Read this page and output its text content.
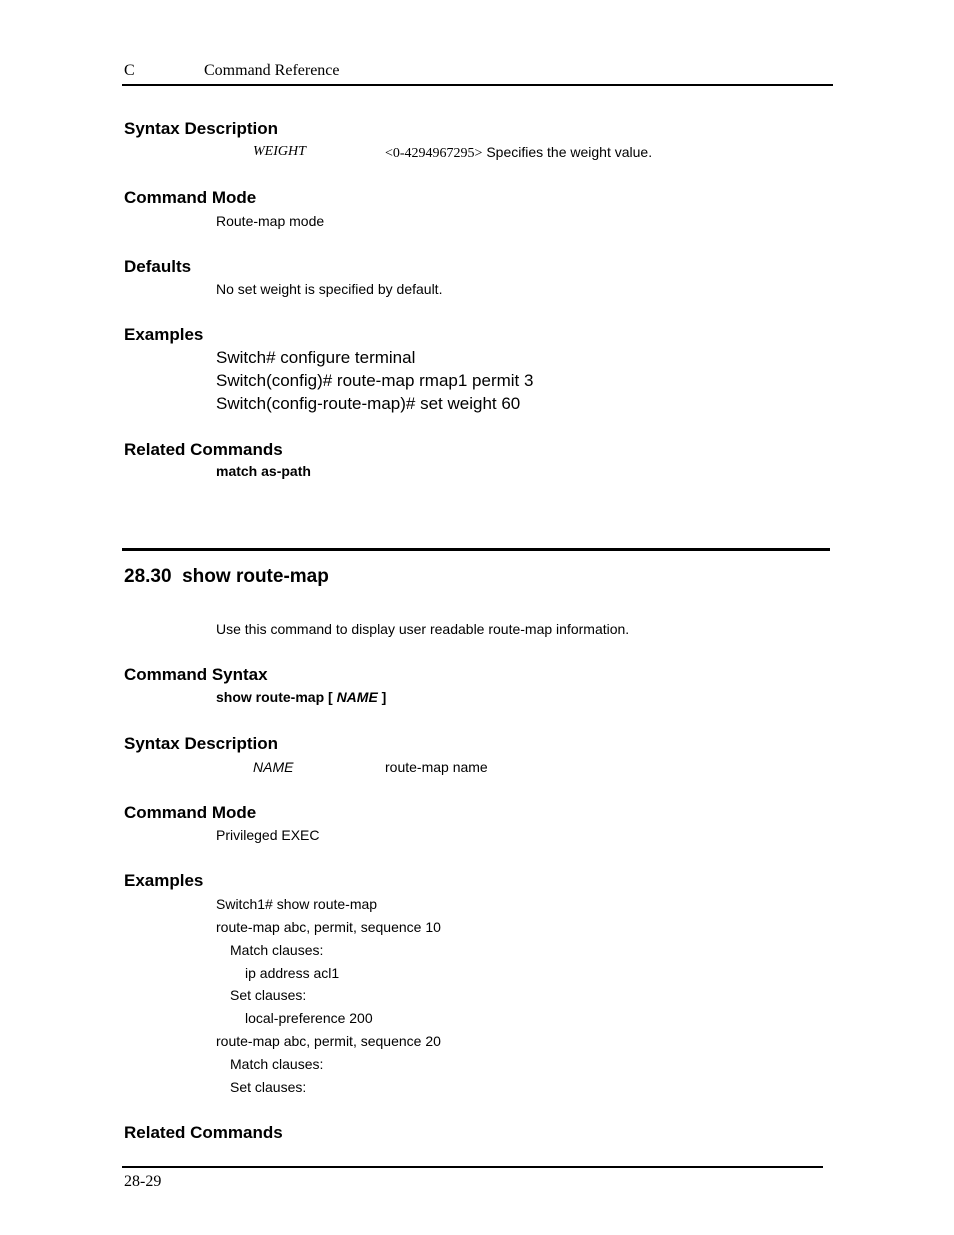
C	Command Reference
Syntax Description
WEIGHT	<0-4294967295> Specifies the weight value.
Command Mode
Route-map mode
Defaults
No set weight is specified by default.
Examples
Switch# configure terminal
Switch(config)# route-map rmap1 permit 3
Switch(config-route-map)# set weight 60
Related Commands
match as-path
28.30  show route-map
Use this command to display user readable route-map information.
Command Syntax
show route-map [ NAME ]
Syntax Description
NAME	route-map name
Command Mode
Privileged EXEC
Examples
Switch1# show route-map
route-map abc, permit, sequence 10
Match clauses:
ip address acl1
Set clauses:
local-preference 200
route-map abc, permit, sequence 20
Match clauses:
Set clauses:
Related Commands
28-29
